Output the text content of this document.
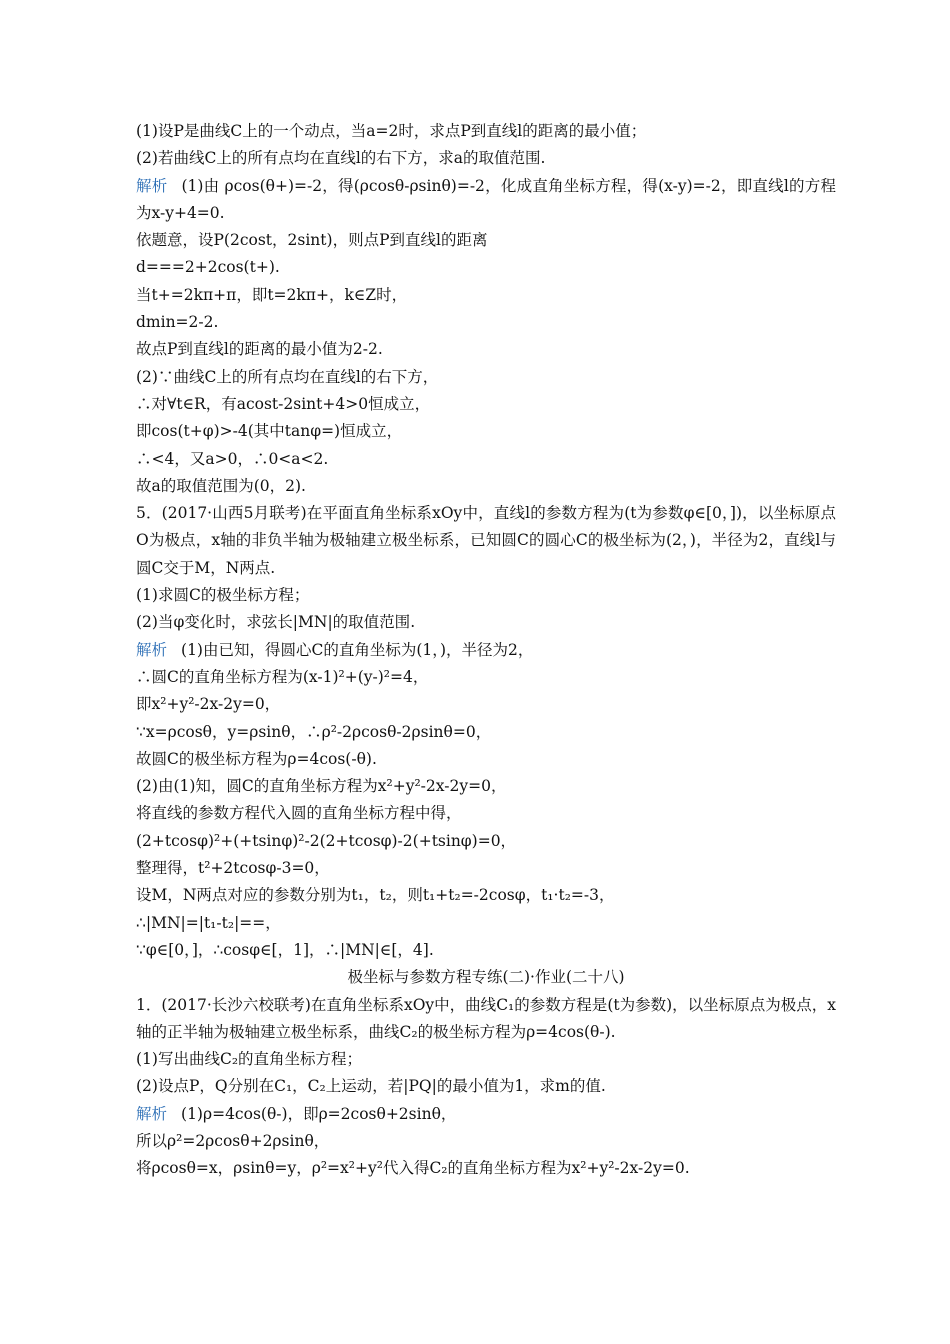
(1)设P是曲线C上的一个动点，当a=2时，求点P到直线l的距离的最小值；
(2)若曲线C上的所有点均在直线l的右下方，求a的取值范围.
解析 (1)由 ρcos(θ+)=-2，得(ρcosθ-ρsinθ)=-2，化成直角坐标方程，得(x-y)=-2，即直线l的方程为x-y+4=0.
依题意，设P(2cost，2sint)，则点P到直线l的距离
d===2+2cos(t+).
当t+=2kπ+π，即t=2kπ+，k∈Z时，
dmin=2-2.
故点P到直线l的距离的最小值为2-2.
(2)∵曲线C上的所有点均在直线l的右下方，
∴对∀t∈R，有acost-2sint+4>0恒成立，
即cos(t+φ)>-4(其中tanφ=)恒成立，
∴<4，又a>0，∴0<a<2.
故a的取值范围为(0，2).
5．(2017·山西5月联考)在平面直角坐标系xOy中，直线l的参数方程为(t为参数φ∈[0，])，以坐标原点O为极点，x轴的非负半轴为极轴建立极坐标系，已知圆C的圆心C的极坐标为(2，)，半径为2，直线l与圆C交于M，N两点.
(1)求圆C的极坐标方程；
(2)当φ变化时，求弦长|MN|的取值范围.
解析 (1)由已知，得圆心C的直角坐标为(1，)，半径为2，
∴圆C的直角坐标方程为(x-1)²+(y-)²=4，
即x²+y²-2x-2y=0，
∵x=ρcosθ，y=ρsinθ，∴ρ²-2ρcosθ-2ρsinθ=0，
故圆C的极坐标方程为ρ=4cos(-θ).
(2)由(1)知，圆C的直角坐标方程为x²+y²-2x-2y=0，
将直线的参数方程代入圆的直角坐标方程中得，
(2+tcosφ)²+(+tsinφ)²-2(2+tcosφ)-2(+tsinφ)=0，
整理得，t²+2tcosφ-3=0，
设M，N两点对应的参数分别为t₁，t₂，则t₁+t₂=-2cosφ，t₁·t₂=-3，
∴|MN|=|t₁-t₂|==，
∵φ∈[0，]，∴cosφ∈[，1]，∴|MN|∈[，4].
极坐标与参数方程专练(二)·作业(二十八)
1．(2017·长沙六校联考)在直角坐标系xOy中，曲线C₁的参数方程是(t为参数)，以坐标原点为极点，x轴的正半轴为极轴建立极坐标系，曲线C₂的极坐标方程为ρ=4cos(θ-).
(1)写出曲线C₂的直角坐标方程；
(2)设点P，Q分别在C₁，C₂上运动，若|PQ|的最小值为1，求m的值.
解析 (1)ρ=4cos(θ-)，即ρ=2cosθ+2sinθ，
所以ρ²=2ρcosθ+2ρsinθ，
将ρcosθ=x，ρsinθ=y，ρ²=x²+y²代入得C₂的直角坐标方程为x²+y²-2x-2y=0.
